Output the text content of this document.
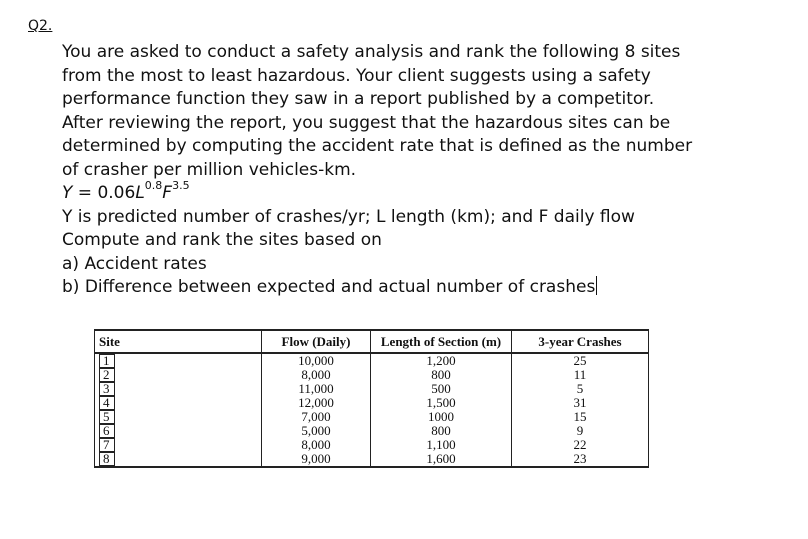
Q2.
You are asked to conduct a safety analysis and rank the following 8 sites
from the most to least hazardous. Your client suggests using a safety
performance function they saw in a report published by a competitor.
After reviewing the report, you suggest that the hazardous sites can be
determined by computing the accident rate that is defined as the number
of crasher per million vehicles-km.
$Y = 0.06L^{0.8}F^{3.5}$
Y is predicted number of crashes/yr; L length (km); and F daily flow
Compute and rank the sites based on
a) Accident rates
b) Difference between expected and actual number of crashes
Site	Flow (Daily)	Length of Section (m)	3-year Crashes
1	10,000	1,200	25
2	8,000	800	11
3	11,000	500	5
4	12,000	1,500	31
5	7,000	1000	15
6	5,000	800	9
7	8,000	1,100	22
8	9,000	1,600	23
